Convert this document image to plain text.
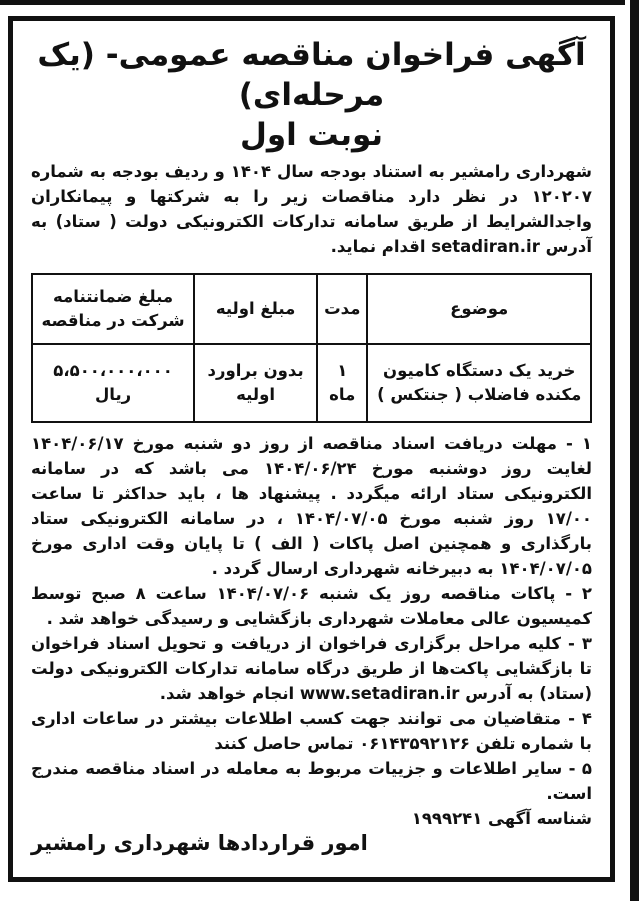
آگهی فراخوان مناقصه عمومی- (یک مرحله‌ای)
نوبت اول
شهرداری رامشیر به استناد بودجه سال ۱۴۰۴ و ردیف بودجه به شماره ۱۲۰۲۰۷ در نظر دارد مناقصات زیر را به شرکتها و پیمانکاران واجدالشرایط از طریق سامانه تدارکات الکترونیکی دولت ( ستاد) به آدرس setadiran.ir اقدام نماید.
موضوع	مدت	مبلغ اولیه	مبلغ ضمانتنامه شرکت در مناقصه
خرید یک دستگاه کامیون مکنده فاضلاب ( جنتکس )	۱ ماه	بدون براورد اولیه	۵،۵۰۰،۰۰۰،۰۰۰ ریال
۱ - مهلت دریافت اسناد مناقصه از روز دو شنبه مورخ ۱۴۰۴/۰۶/۱۷ لغایت روز دوشنبه مورخ ۱۴۰۴/۰۶/۲۴ می باشد که در سامانه الکترونیکی ستاد ارائه میگردد . پیشنهاد ها ، باید حداکثر تا ساعت ۱۷/۰۰ روز شنبه مورخ ۱۴۰۴/۰۷/۰۵ ، در سامانه الکترونیکی ستاد بارگذاری و همچنین اصل پاکات ( الف ) تا پایان وقت اداری مورخ ۱۴۰۴/۰۷/۰۵ به دبیرخانه شهرداری ارسال گردد .
۲ - پاکات مناقصه روز یک شنبه ۱۴۰۴/۰۷/۰۶ ساعت ۸ صبح توسط کمیسیون عالی معاملات شهرداری بازگشایی و رسیدگی خواهد شد .
۳ - کلیه مراحل برگزاری فراخوان از دریافت و تحویل اسناد فراخوان تا بازگشایی پاکت‌ها از طریق درگاه سامانه تدارکات الکترونیکی دولت (ستاد) به آدرس www.setadiran.ir انجام خواهد شد.
۴ - متقاضیان می توانند جهت کسب اطلاعات بیشتر در ساعات اداری با شماره تلفن ۰۶۱۴۳۵۹۲۱۲۶ تماس حاصل کنند
۵ - سایر اطلاعات و جزییات مربوط به معامله در اسناد مناقصه مندرج است.
شناسه آگهی ۱۹۹۹۲۴۱
امور قراردادها شهرداری رامشیر
